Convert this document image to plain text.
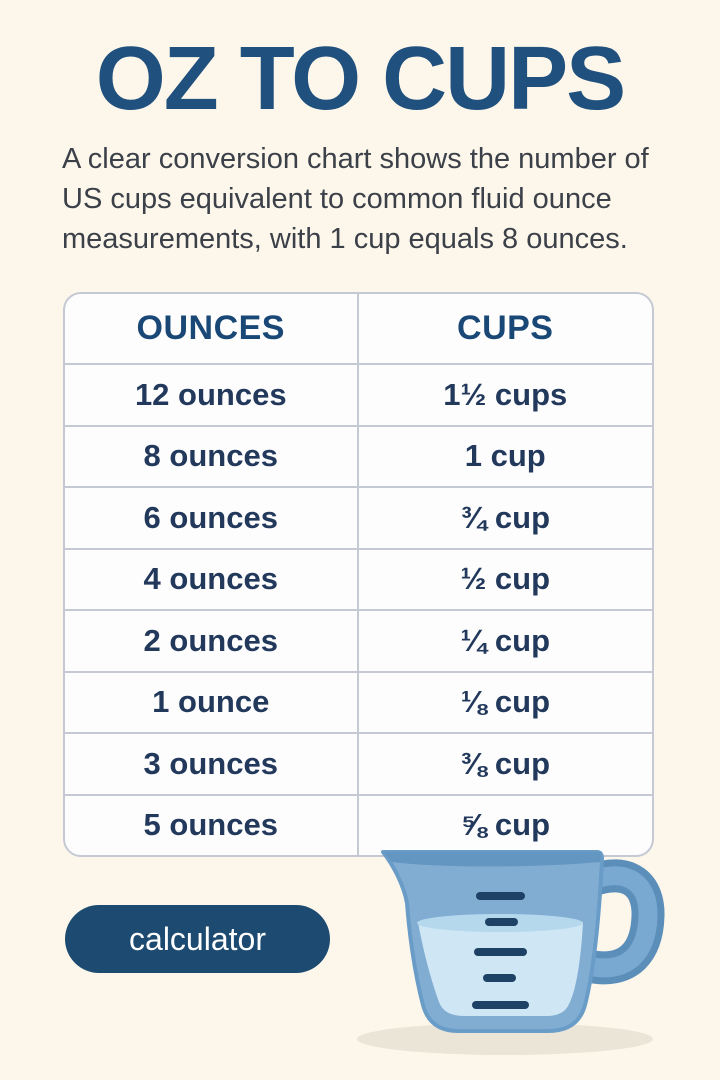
OZ TO CUPS
A clear conversion chart shows the number of
US cups equivalent to common fluid ounce
measurements, with 1 cup equals 8 ounces.
OUNCES	CUPS
12 ounces	1½ cups
8 ounces	1 cup
6 ounces	¾ cup
4 ounces	½ cup
2 ounces	¼ cup
1 ounce	⅛ cup
3 ounces	⅜ cup
5 ounces	⅝ cup
calculator
